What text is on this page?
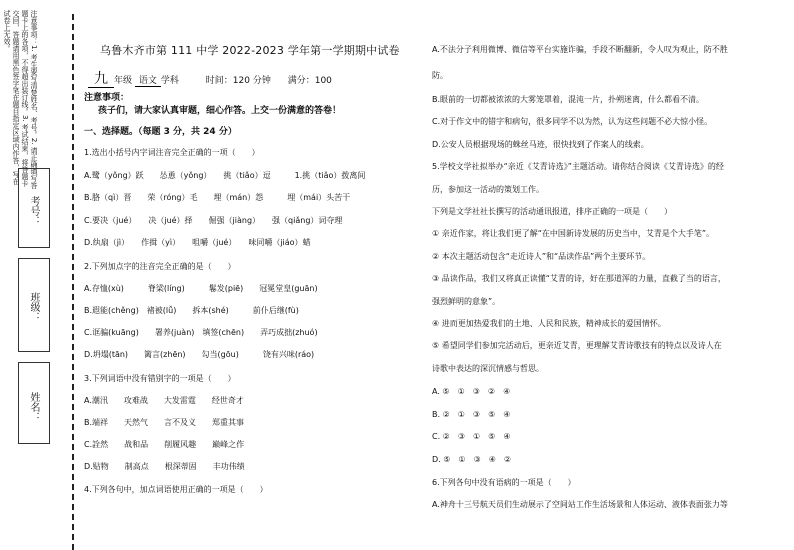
注意事项：1. 考生要写清楚姓名、考号。2. 请正确填写答题卡上的各项，不得超出装订线。3. 考试结束，将答题卡交回，答题请用黑色签字笔在题目指定区域内作答，写在试卷上无效。
考号：
班级：
姓名：
乌鲁木齐市第 111 中学 2022-2023 学年第一学期期中试卷
九 年级 语文 学科	时间：120 分钟 满分：100
注意事项：
孩子们，请大家认真审题，细心作答。上交一份满意的答卷！
一、选择题。（每题 3 分，共 24 分）
1.选出小括号内字词注音完全正确的一项（　　）
A.鹭（yǒng）跃　　怂恿（yǒng）　　挑（tiǎo）逗　　　1.挑（tiǎo）拨离间
B.胳（qì）晋　　荣（róng）毛　　埋（mán）怨　　　埋（mái）头苦干
C.要决（jué）　　决（jué）择　　倔强（jiàng）　　强（qiǎng）词夺理
D.纨扇（jì）　　作揖（yì）　　咀嚼（jué）　　味同嚼（jiáo）蜡
2.下列加点字的注音完全正确的是（　　）
A.存恤(xù)　　　脊梁(líng)　　　鬈发(piē)　　冠冕堂皇(guān)
B.遐能(chěng)　褚被(lǚ)　　拆本(shé)　　　前仆后继(fù)
C.诓骗(kuāng)　　署养(juàn)　填签(chēn)　　弄巧成拙(zhuó)
D.坍塌(tān)　　篱言(zhēn)　　勾当(gōu)　　　饶有兴味(ráo)
3.下列词语中没有错别字的一项是（　　）
A.潮汛　　攻难战　　大发雷霆　　经世奇才
B.端祥　　天然气　　言不及义　　郑重其事
C.詮然　　战和品　　削履风趣　　巅峰之作
D.贴物　　制高点　　根深蒂固　　丰功伟绩
4.下列各句中，加点词语使用正确的一项是（　　）
A.不法分子利用微博、微信等平台实施诈骗，手段不断翻新，令人叹为观止，防不胜
防。
B.眼前的一切都被浓浓的大雾笼罩着，混沌一片，扑朔迷离，什么都看不清。
C.对于作文中的错字和病句，很多同学不以为然，认为这些问题不必大惊小怪。
D.公安人员根据现场的蛛丝马迹，很快找到了作案人的线索。
5.学校文学社拟举办“亲近《艾青诗选》”主题活动。请你结合阅读《艾青诗选》的经
历，参加这一活动的策划工作。
下列是文学社社长撰写的活动通讯报道，排序正确的一项是（　　）
① 亲近作家，将让我们更了解“在中国新诗发展的历史当中，艾青是个大手笔”。
② 本次主题活动包含“走近诗人”和“品读作品”两个主要环节。
③ 品读作品，我们又将真正读懂“艾青的诗，好在那道浑的力量，直截了当的语言，
强烈鲜明的意象”。
④ 进而更加热爱我们的土地、人民和民族，精神成长的爱国情怀。
⑤ 希望同学们参加完活动后，更亲近艾青，更理解艾青诗歌技有的特点以及诗人在
诗歌中表达的深沉情感与哲思。
A. ⑤　①　③　②　④
B. ②　①　③　⑤　④
C. ②　③　①　⑤　④
D. ⑤　①　③　④　②
6.下列各句中没有语病的一项是（　　）
A.神舟十三号航天员们生动展示了空间站工作生活场景和人体运动、液体表面张力等
